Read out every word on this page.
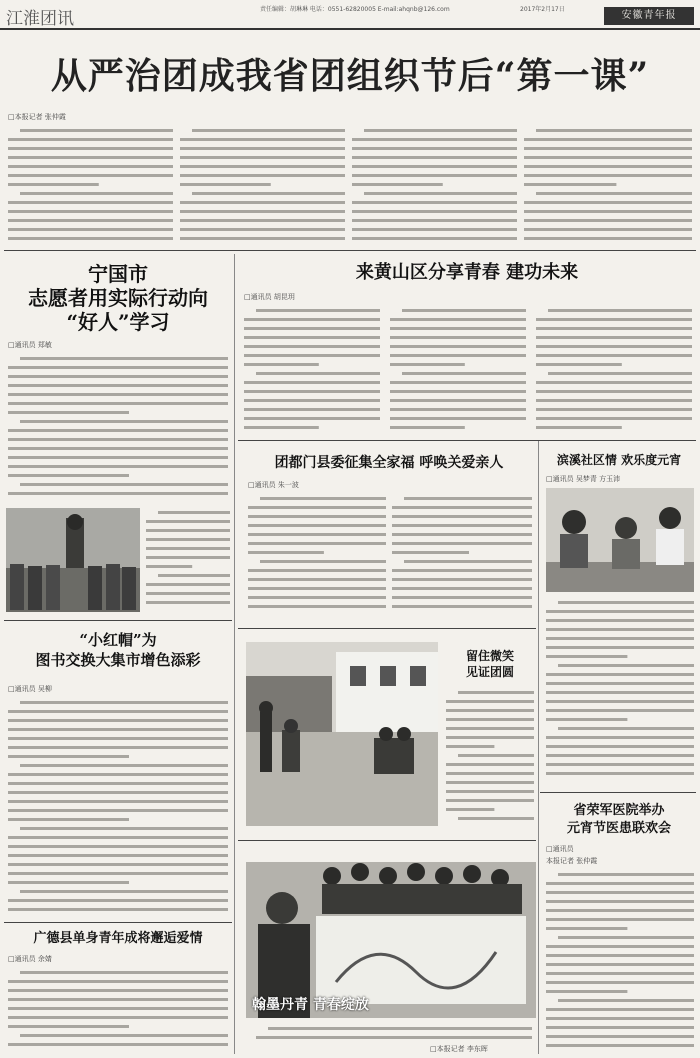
江淮团讯	责任编辑：胡琳琳 电话：0551-62820005 E-mail:ahqnb@126.com	2017年2月17日
安徽青年报
从严治团成我省团组织节后“第一课”
□本报记者 张仲霞
宁国市
志愿者用实际行动向
“好人”学习
□通讯员 郑敏
“小红帽”为
图书交换大集市增色添彩
□通讯员 吴柳
广德县单身青年成将邂逅爱情
□通讯员 余婧
来黄山区分享青春 建功未来
□通讯员 胡昆玥
团都门县委征集全家福 呼唤关爱亲人
□通讯员 朱一波
滨溪社区情 欢乐度元宵
□通讯员 吴梦青 方玉沛
留住微笑
见证团圆
翰墨丹青 青春绽放
□本报记者 李东晖
省荣军医院举办
元宵节医患联欢会
□通讯员
本报记者 张仲霞
